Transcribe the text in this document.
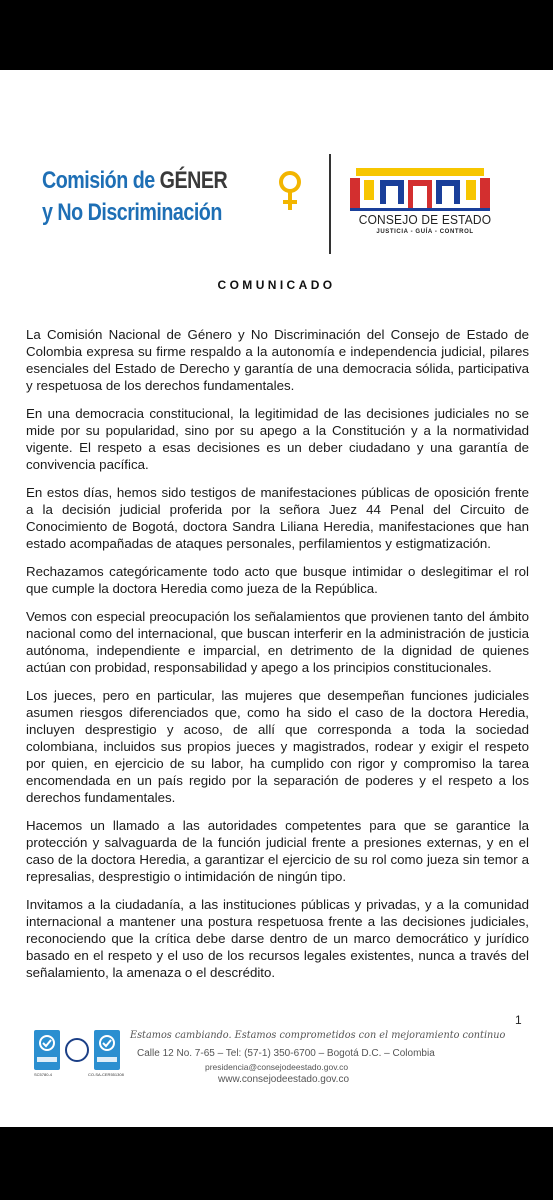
Comisión de GÉNER
y No Discriminación	CONSEJO DE ESTADO
JUSTICIA - GUÍA - CONTROL
COMUNICADO

La Comisión Nacional de Género y No Discriminación del Consejo de Estado de Colombia expresa su firme respaldo a la autonomía e independencia judicial, pilares esenciales del Estado de Derecho y garantía de una democracia sólida, participativa y respetuosa de los derechos fundamentales.

En una democracia constitucional, la legitimidad de las decisiones judiciales no se mide por su popularidad, sino por su apego a la Constitución y a la normatividad vigente. El respeto a esas decisiones es un deber ciudadano y una garantía de convivencia pacífica.

En estos días, hemos sido testigos de manifestaciones públicas de oposición frente a la decisión judicial proferida por la señora Juez 44 Penal del Circuito de Conocimiento de Bogotá, doctora Sandra Liliana Heredia, manifestaciones que han estado acompañadas de ataques personales, perfilamientos y estigmatización.

Rechazamos categóricamente todo acto que busque intimidar o deslegitimar el rol que cumple la doctora Heredia como jueza de la República.

Vemos con especial preocupación los señalamientos que provienen tanto del ámbito nacional como del internacional, que buscan interferir en la administración de justicia autónoma, independiente e imparcial, en detrimento de la dignidad de quienes actúan con probidad, responsabilidad y apego a los principios constitucionales.

Los jueces, pero en particular, las mujeres que desempeñan funciones judiciales asumen riesgos diferenciados que, como ha sido el caso de la doctora Heredia, incluyen desprestigio y acoso, de allí que corresponda a toda la sociedad colombiana, incluidos sus propios jueces y magistrados, rodear y exigir el respeto por quien, en ejercicio de su labor, ha cumplido con rigor y compromiso la tarea encomendada en un país regido por la separación de poderes y el respeto a los derechos fundamentales.

Hacemos un llamado a las autoridades competentes para que se garantice la protección y salvaguarda de la función judicial frente a presiones externas, y en el caso de la doctora Heredia, a garantizar el ejercicio de su rol como jueza sin temor a represalias, desprestigio o intimidación de ningún tipo.

Invitamos a la ciudadanía, a las instituciones públicas y privadas, y a la comunidad internacional a mantener una postura respetuosa frente a las decisiones judiciales, reconociendo que la crítica debe darse dentro de un marco democrático y jurídico basado en el respeto y el uso de los recursos legales existentes, nunca a través del señalamiento, la amenaza o el descrédito.

1
SC5780-4	CO-SA-CER551308
Estamos cambiando. Estamos comprometidos con el mejoramiento continuo
Calle 12 No. 7-65 – Tel: (57-1) 350-6700 – Bogotá D.C. – Colombia
presidencia@consejodeestado.gov.co
www.consejodeestado.gov.co
